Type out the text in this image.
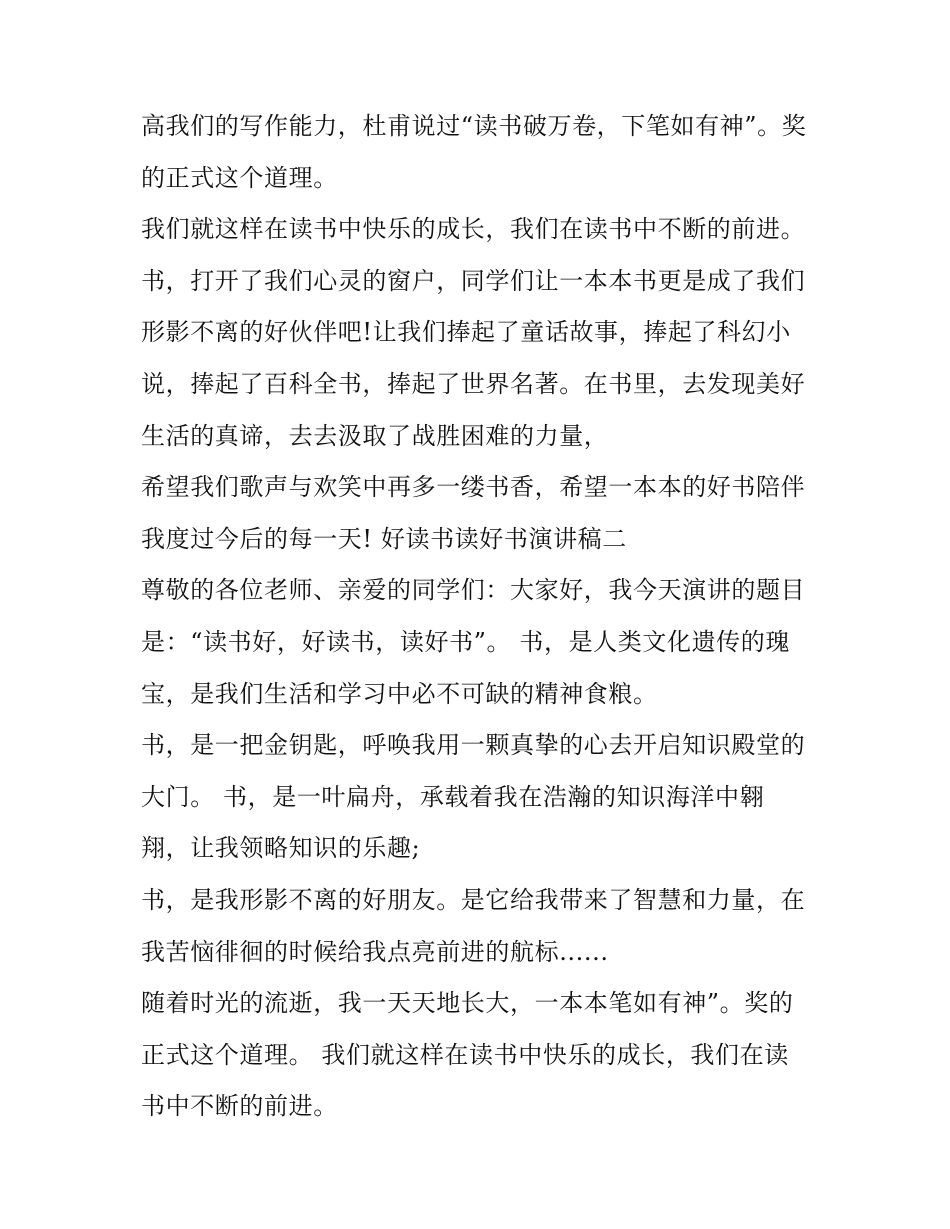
高我们的写作能力，杜甫说过“读书破万卷，下笔如有神”。奖
的正式这个道理。
我们就这样在读书中快乐的成长，我们在读书中不断的前进。
书，打开了我们心灵的窗户，同学们让一本本书更是成了我们
形影不离的好伙伴吧!让我们捧起了童话故事，捧起了科幻小
说，捧起了百科全书，捧起了世界名著。在书里，去发现美好
生活的真谛，去去汲取了战胜困难的力量，
希望我们歌声与欢笑中再多一缕书香，希望一本本的好书陪伴
我度过今后的每一天! 好读书读好书演讲稿二
尊敬的各位老师、亲爱的同学们：大家好，我今天演讲的题目
是：“读书好，好读书，读好书”。 书，是人类文化遗传的瑰
宝，是我们生活和学习中必不可缺的精神食粮。
书，是一把金钥匙，呼唤我用一颗真挚的心去开启知识殿堂的
大门。 书，是一叶扁舟，承载着我在浩瀚的知识海洋中翱
翔，让我领略知识的乐趣;
书，是我形影不离的好朋友。是它给我带来了智慧和力量，在
我苦恼徘徊的时候给我点亮前进的航标......
随着时光的流逝，我一天天地长大，一本本笔如有神”。奖的
正式这个道理。 我们就这样在读书中快乐的成长，我们在读
书中不断的前进。
